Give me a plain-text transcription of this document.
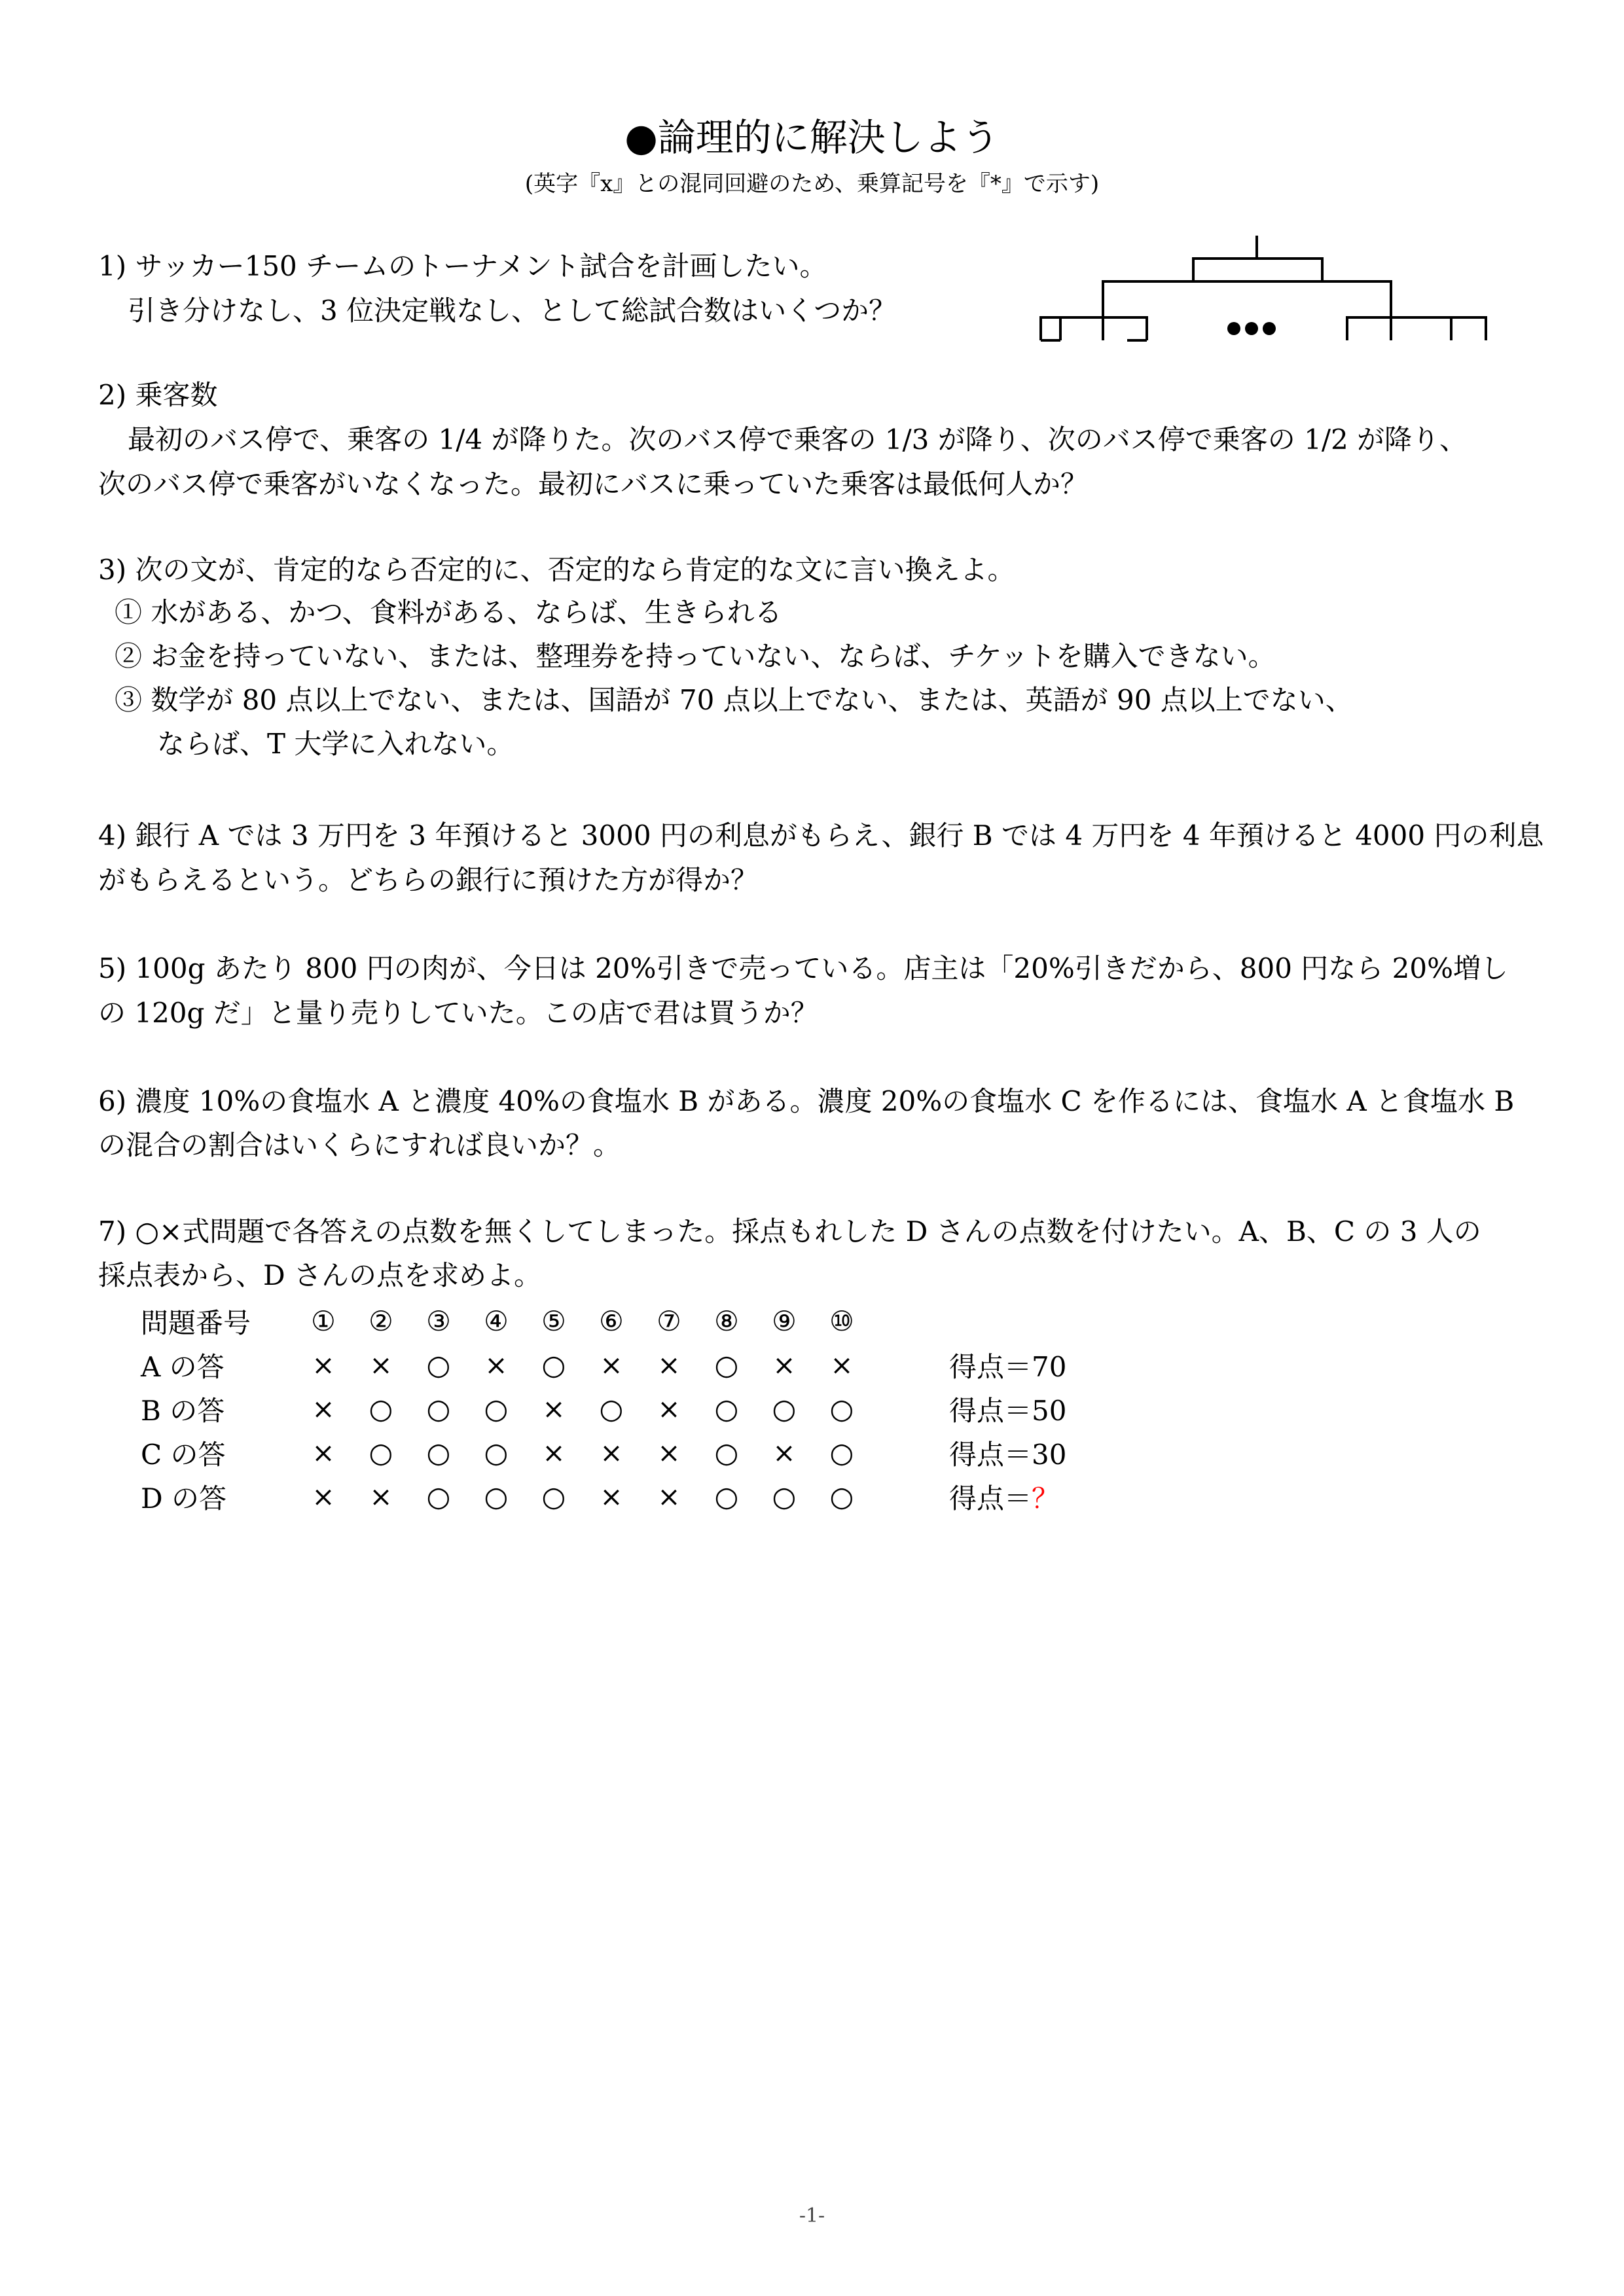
●論理的に解決しよう
(英字『x』との混同回避のため、乗算記号を『*』で示す)
1) サッカー150 チームのトーナメント試合を計画したい。
引き分けなし、3 位決定戦なし、として総試合数はいくつか？
2) 乗客数
最初のバス停で、乗客の 1/4 が降りた。次のバス停で乗客の 1/3 が降り、次のバス停で乗客の 1/2 が降り、
次のバス停で乗客がいなくなった。最初にバスに乗っていた乗客は最低何人か？
3) 次の文が、肯定的なら否定的に、否定的なら肯定的な文に言い換えよ。
① 水がある、かつ、食料がある、ならば、生きられる
② お金を持っていない、または、整理券を持っていない、ならば、チケットを購入できない。
③ 数学が 80 点以上でない、または、国語が 70 点以上でない、または、英語が 90 点以上でない、
ならば、T 大学に入れない。
4) 銀行 A では 3 万円を 3 年預けると 3000 円の利息がもらえ、銀行 B では 4 万円を 4 年預けると 4000 円の利息
がもらえるという。どちらの銀行に預けた方が得か？
5) 100g あたり 800 円の肉が、今日は 20%引きで売っている。店主は「20%引きだから、800 円なら 20%増し
の 120g だ」と量り売りしていた。この店で君は買うか？
6) 濃度 10%の食塩水 A と濃度 40%の食塩水 B がある。濃度 20%の食塩水 C を作るには、食塩水 A と食塩水 B
の混合の割合はいくらにすれば良いか？。
7) ○×式問題で各答えの点数を無くしてしまった。採点もれした D さんの点数を付けたい。A、B、C の 3 人の
採点表から、D さんの点を求めよ。
問題番号	①	②	③	④	⑤	⑥	⑦	⑧	⑨	⑩		
A の答	×	×	○	×	○	×	×	○	×	×		得点＝70
B の答	×	○	○	○	×	○	×	○	○	○		得点＝50
C の答	×	○	○	○	×	×	×	○	×	○		得点＝30
D の答	×	×	○	○	○	×	×	○	○	○		得点＝？
-1-
